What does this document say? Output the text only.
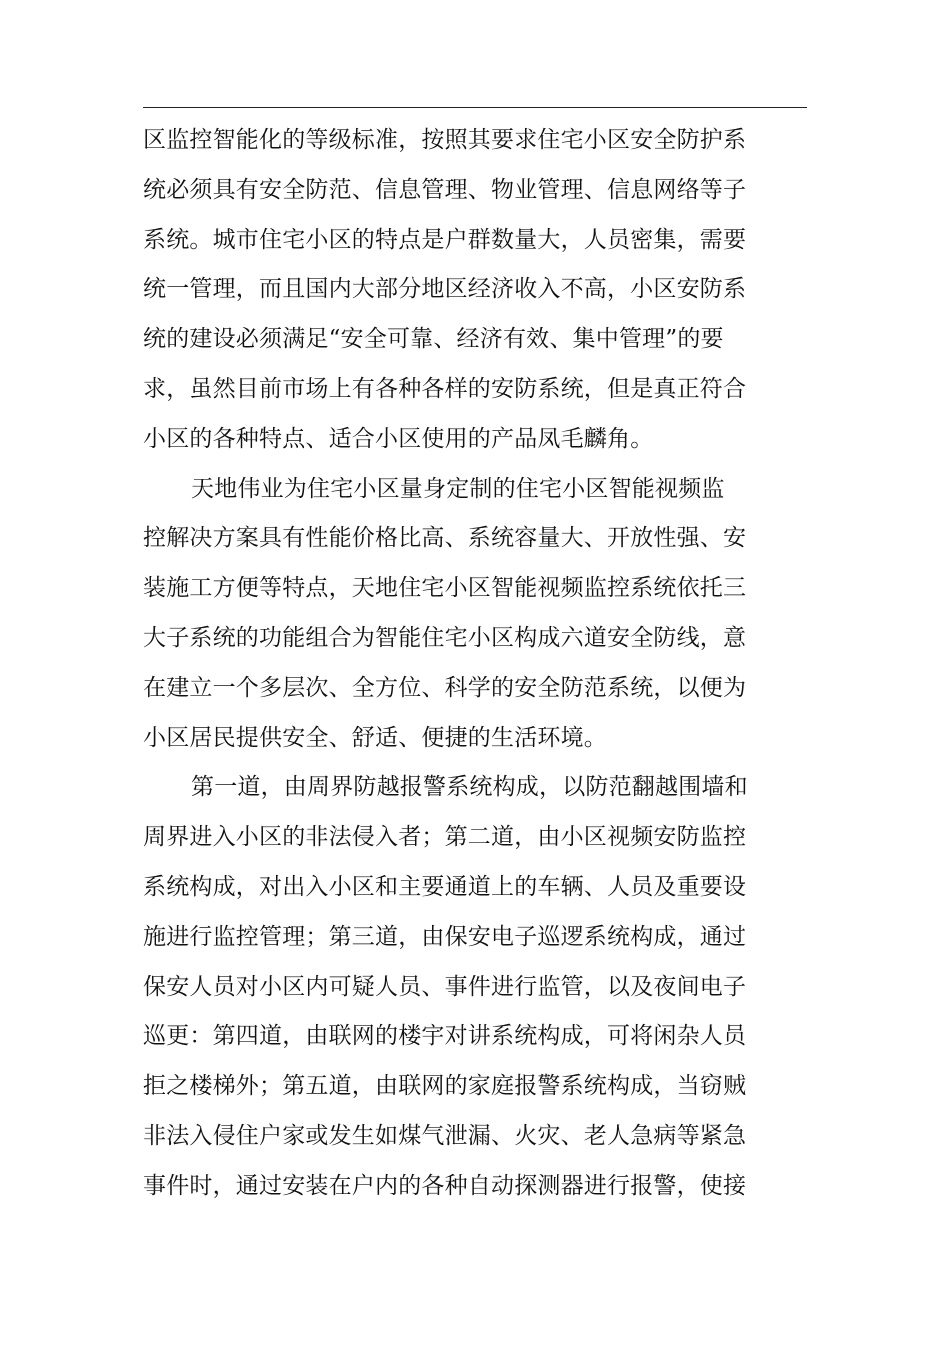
区监控智能化的等级标准，按照其要求住宅小区安全防护系
统必须具有安全防范、信息管理、物业管理、信息网络等子
系统。城市住宅小区的特点是户群数量大，人员密集，需要
统一管理，而且国内大部分地区经济收入不高，小区安防系
统的建设必须满足“安全可靠、经济有效、集中管理”的要
求，虽然目前市场上有各种各样的安防系统，但是真正符合
小区的各种特点、适合小区使用的产品凤毛麟角。
天地伟业为住宅小区量身定制的住宅小区智能视频监
控解决方案具有性能价格比高、系统容量大、开放性强、安
装施工方便等特点，天地住宅小区智能视频监控系统依托三
大子系统的功能组合为智能住宅小区构成六道安全防线，意
在建立一个多层次、全方位、科学的安全防范系统，以便为
小区居民提供安全、舒适、便捷的生活环境。
第一道，由周界防越报警系统构成，以防范翻越围墙和
周界进入小区的非法侵入者；第二道，由小区视频安防监控
系统构成，对出入小区和主要通道上的车辆、人员及重要设
施进行监控管理；第三道，由保安电子巡逻系统构成，通过
保安人员对小区内可疑人员、事件进行监管，以及夜间电子
巡更：第四道，由联网的楼宇对讲系统构成，可将闲杂人员
拒之楼梯外；第五道，由联网的家庭报警系统构成，当窃贼
非法入侵住户家或发生如煤气泄漏、火灾、老人急病等紧急
事件时，通过安装在户内的各种自动探测器进行报警，使接
